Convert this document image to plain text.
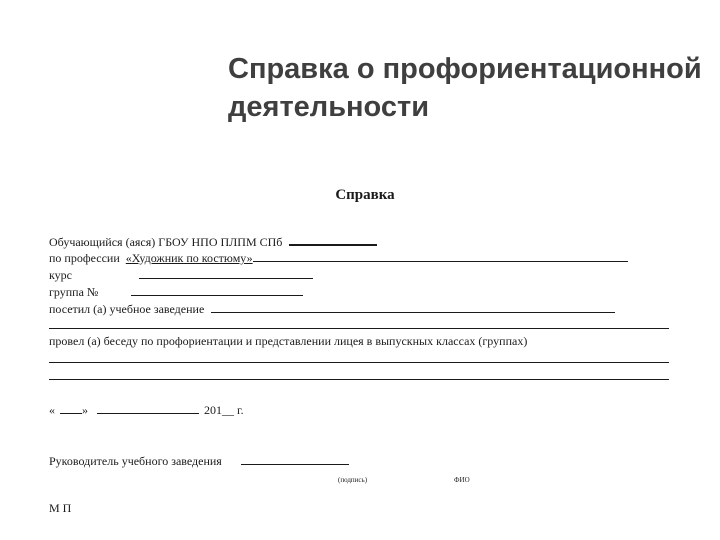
Справка о профориентационной деятельности
Справка
Обучающийся (аяся) ГБОУ НПО ПЛПМ СПб
по профессии «Художник по костюму»
курс
группа №
посетил (а) учебное заведение
провел (а) беседу по профориентации и представлении лицея в выпускных классах (группах)
« »	201__ г.
Руководитель учебного заведения
(подпись)	ФИО
М П
